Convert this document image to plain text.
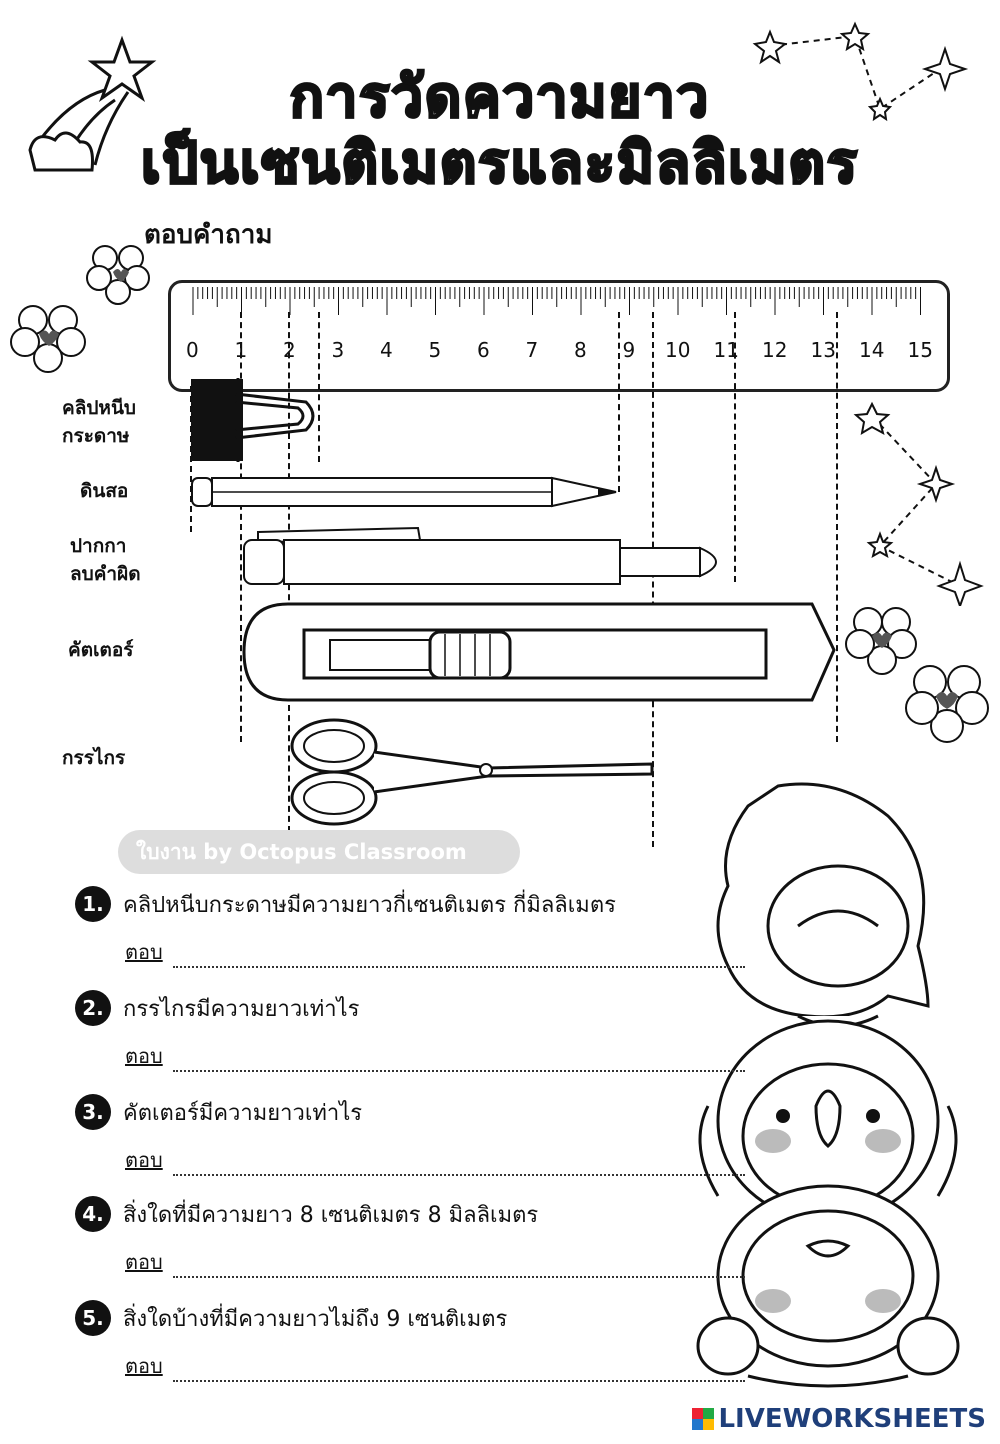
การวัดความยาว
เป็นเซนติเมตรและมิลลิเมตร
ตอบคำถาม
0 1 2 3 4 5 6 7 8 9 10 11 12 13 14 15
คลิปหนีบ
กระดาษ
ดินสอ
ปากกา
ลบคำผิด
คัตเตอร์
กรรไกร
ใบงาน by Octopus Classroom
1. คลิปหนีบกระดาษมีความยาวกี่เซนติเมตร กี่มิลลิเมตร
ตอบ
2. กรรไกรมีความยาวเท่าไร
ตอบ
3. คัตเตอร์มีความยาวเท่าไร
ตอบ
4. สิ่งใดที่มีความยาว 8 เซนติเมตร 8 มิลลิเมตร
ตอบ
5. สิ่งใดบ้างที่มีความยาวไม่ถึง 9 เซนติเมตร
ตอบ
LIVEWORKSHEETS
